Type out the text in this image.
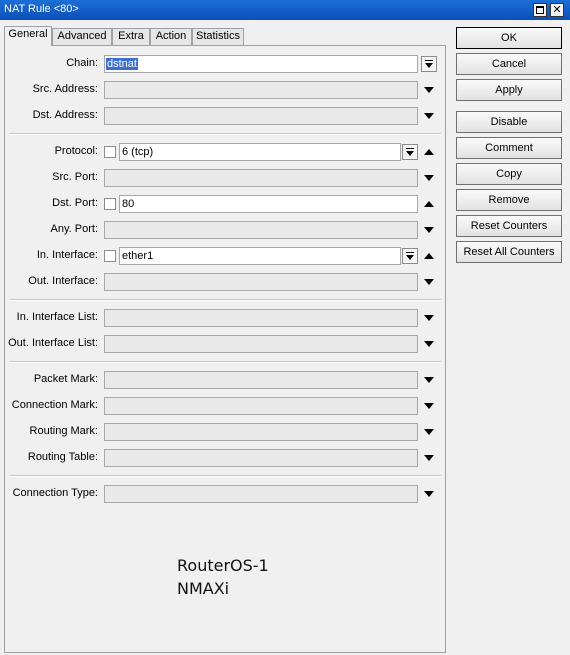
NAT Rule <80>	✕
General Advanced	Extra	Action Statistics
Chain: dstnat
Src. Address:
Dst. Address:
Protocol: 6 (tcp)
Src. Port:
Dst. Port: 80
Any. Port:
In. Interface: ether1
Out. Interface:
In. Interface List:
Out. Interface List:
Packet Mark:
Connection Mark:
Routing Mark:
Routing Table:
Connection Type:
RouterOS-1
NMAXi
OK
Cancel
Apply
Disable
Comment
Copy
Remove
Reset Counters
Reset All Counters
